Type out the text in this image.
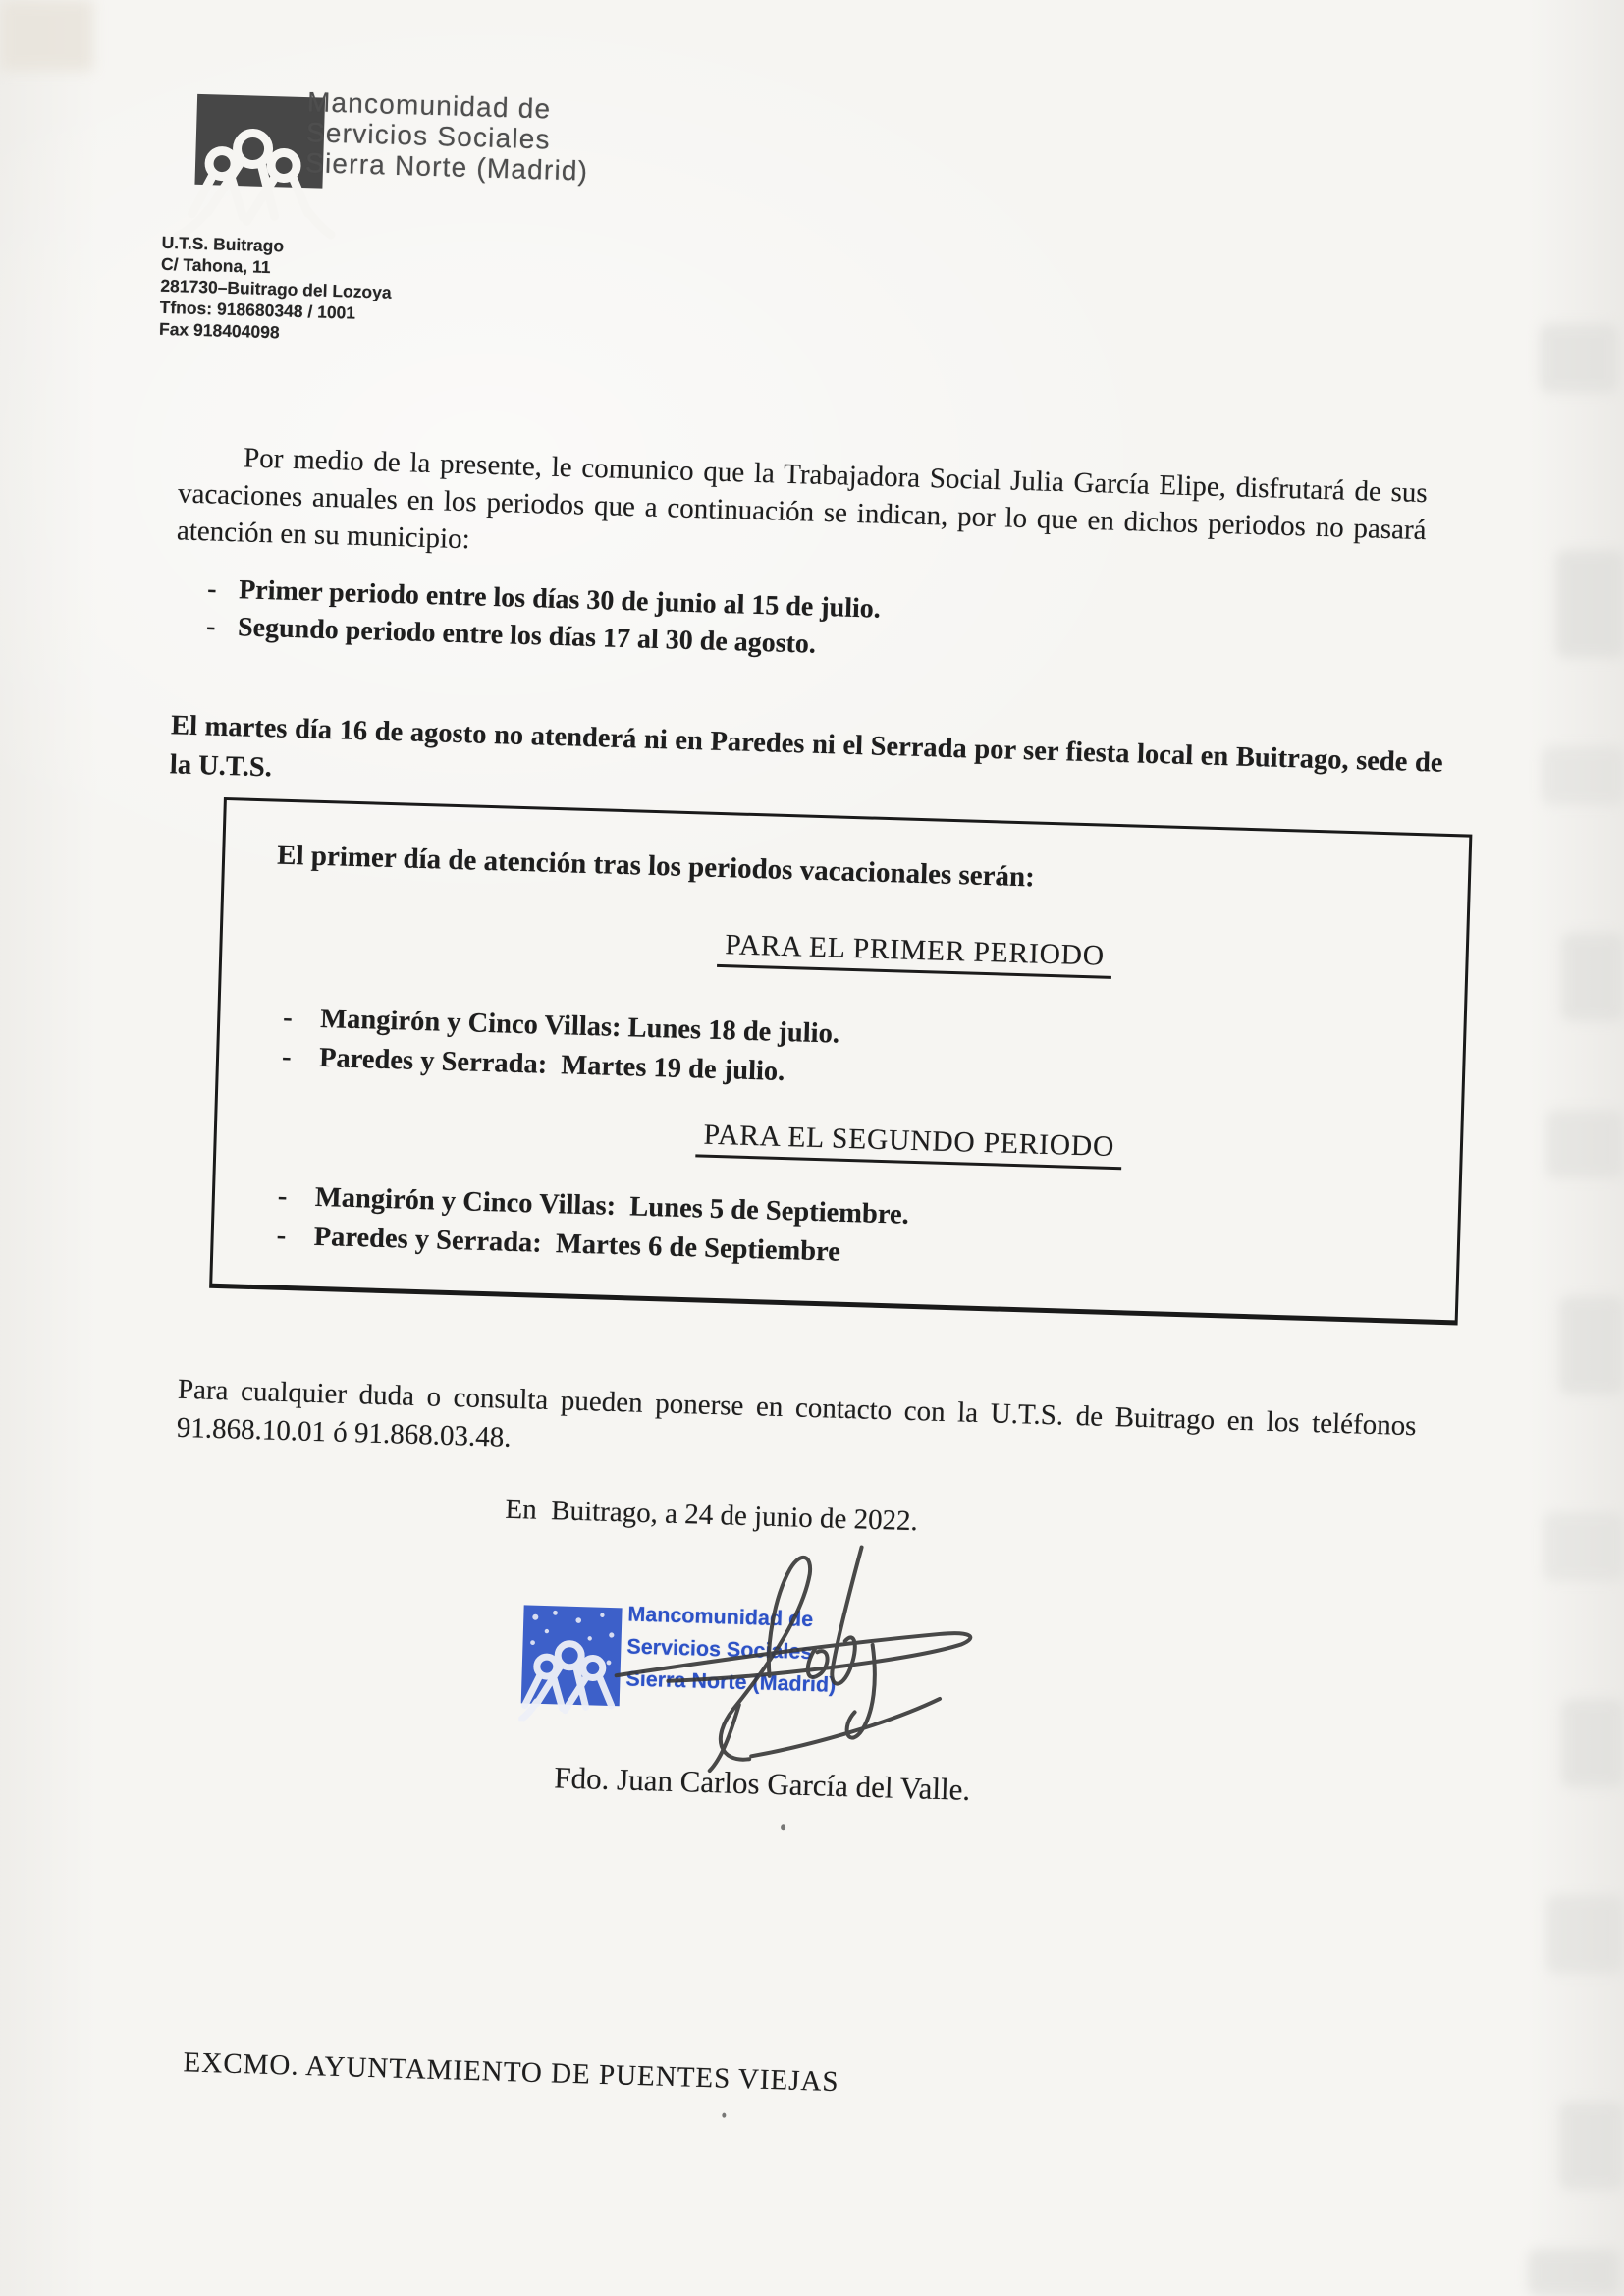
Mancomunidad de
Servicios Sociales
Sierra Norte (Madrid)
U.T.S. Buitrago
C/ Tahona, 11
281730–Buitrago del Lozoya
Tfnos: 918680348 / 1001
Fax 918404098

Por medio de la presente, le comunico que la Trabajadora Social Julia García Elipe, disfrutará de sus vacaciones anuales en los periodos que a continuación se indican, por lo que en dichos periodos no pasará atención en su municipio:

- Primer periodo entre los días 30 de junio al 15 de julio.
- Segundo periodo entre los días 17 al 30 de agosto.

El martes día 16 de agosto no atenderá ni en Paredes ni el Serrada por ser fiesta local en Buitrago, sede de la U.T.S.

El primer día de atención tras los periodos vacacionales serán:
PARA EL PRIMER PERIODO
- Mangirón y Cinco Villas: Lunes 18 de julio.
- Paredes y Serrada:  Martes 19 de julio.
PARA EL SEGUNDO PERIODO
- Mangirón y Cinco Villas:  Lunes 5 de Septiembre.
- Paredes y Serrada:  Martes 6 de Septiembre

Para cualquier duda o consulta pueden ponerse en contacto con la U.T.S. de Buitrago en los teléfonos 91.868.10.01 ó 91.868.03.48.

En  Buitrago, a 24 de junio de 2022.
Mancomunidad de
Servicios Sociales
Sierra Norte (Madrid)
Fdo. Juan Carlos García del Valle.
EXCMO. AYUNTAMIENTO DE PUENTES VIEJAS
